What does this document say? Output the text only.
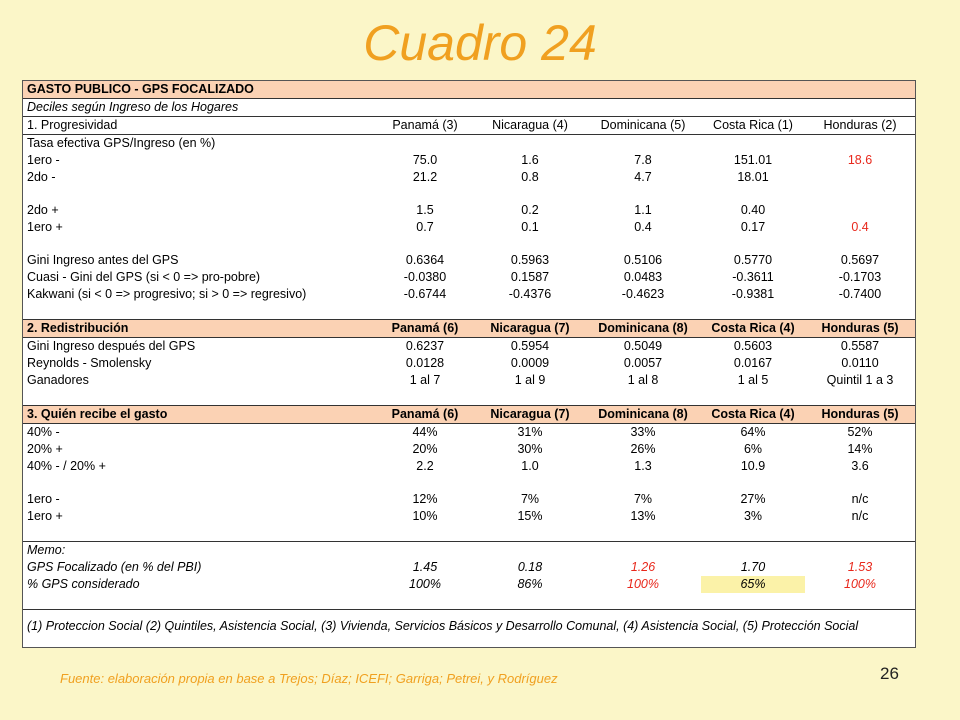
Cuadro 24
GASTO PUBLICO - GPS FOCALIZADO					
Deciles según Ingreso de los Hogares					
1. Progresividad	Panamá (3)	Nicaragua (4)	Dominicana (5)	Costa Rica (1)	Honduras (2)
Tasa efectiva GPS/Ingreso (en %)					
1ero -	75.0	1.6	7.8	151.01	18.6
2do -	21.2	0.8	4.7	18.01	

2do +	1.5	0.2	1.1	0.40	
1ero +	0.7	0.1	0.4	0.17	0.4

Gini Ingreso antes del GPS	0.6364	0.5963	0.5106	0.5770	0.5697
Cuasi - Gini del GPS (si < 0 => pro-pobre)	-0.0380	0.1587	0.0483	-0.3611	-0.1703
Kakwani (si < 0 => progresivo; si > 0 => regresivo)	-0.6744	-0.4376	-0.4623	-0.9381	-0.7400

2. Redistribución	Panamá (6)	Nicaragua (7)	Dominicana (8)	Costa Rica (4)	Honduras (5)
Gini Ingreso después del GPS	0.6237	0.5954	0.5049	0.5603	0.5587
Reynolds - Smolensky	0.0128	0.0009	0.0057	0.0167	0.0110
Ganadores	1 al 7	1 al 9	1 al 8	1 al 5	Quintil 1 a 3

3. Quién recibe el gasto	Panamá (6)	Nicaragua (7)	Dominicana (8)	Costa Rica (4)	Honduras (5)
40% -	44%	31%	33%	64%	52%
20% +	20%	30%	26%	6%	14%
40% - / 20% +	2.2	1.0	1.3	10.9	3.6

1ero -	12%	7%	7%	27%	n/c
1ero +	10%	15%	13%	3%	n/c

Memo:					
GPS Focalizado (en % del PBI)	1.45	0.18	1.26	1.70	1.53
% GPS considerado	100%	86%	100%	65%	100%

(1) Proteccion Social (2) Quintiles, Asistencia Social, (3) Vivienda, Servicios Básicos y Desarrollo Comunal, (4) Asistencia Social, (5) Protección Social					
Fuente: elaboración propia en base a Trejos; Díaz; ICEFI; Garriga; Petrei, y Rodríguez	26
